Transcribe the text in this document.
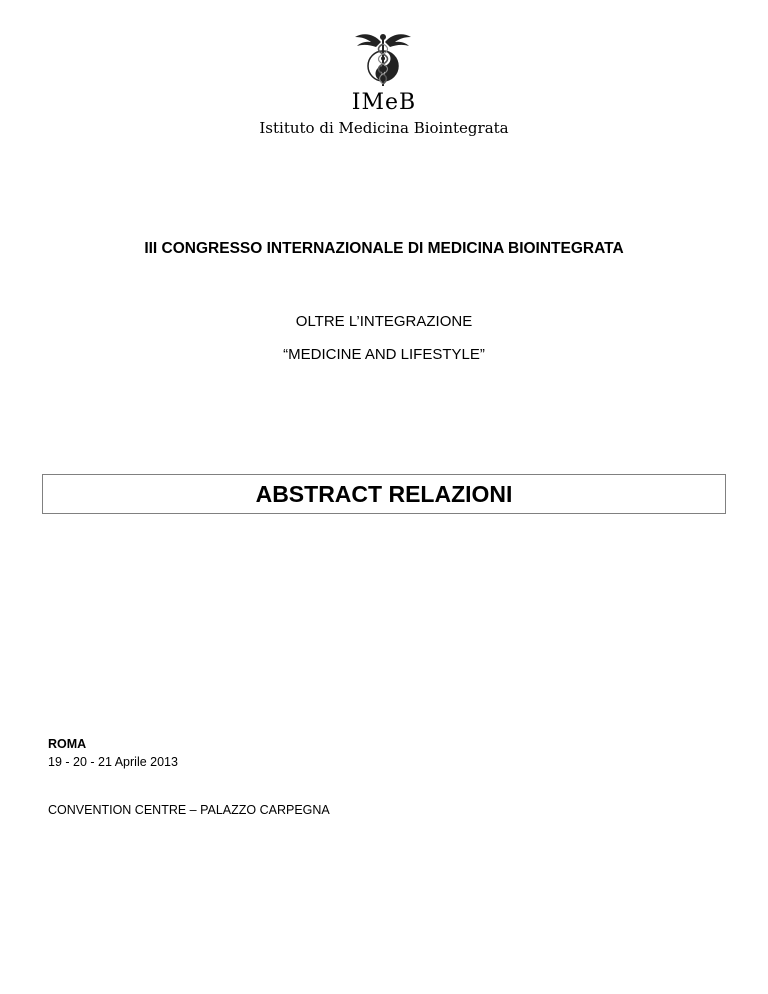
IMeB
Istituto di Medicina Biointegrata
III CONGRESSO INTERNAZIONALE DI MEDICINA BIOINTEGRATA
OLTRE L’INTEGRAZIONE
“MEDICINE AND LIFESTYLE”
ABSTRACT RELAZIONI
ROMA
19 - 20 - 21 Aprile 2013
CONVENTION CENTRE – PALAZZO CARPEGNA
